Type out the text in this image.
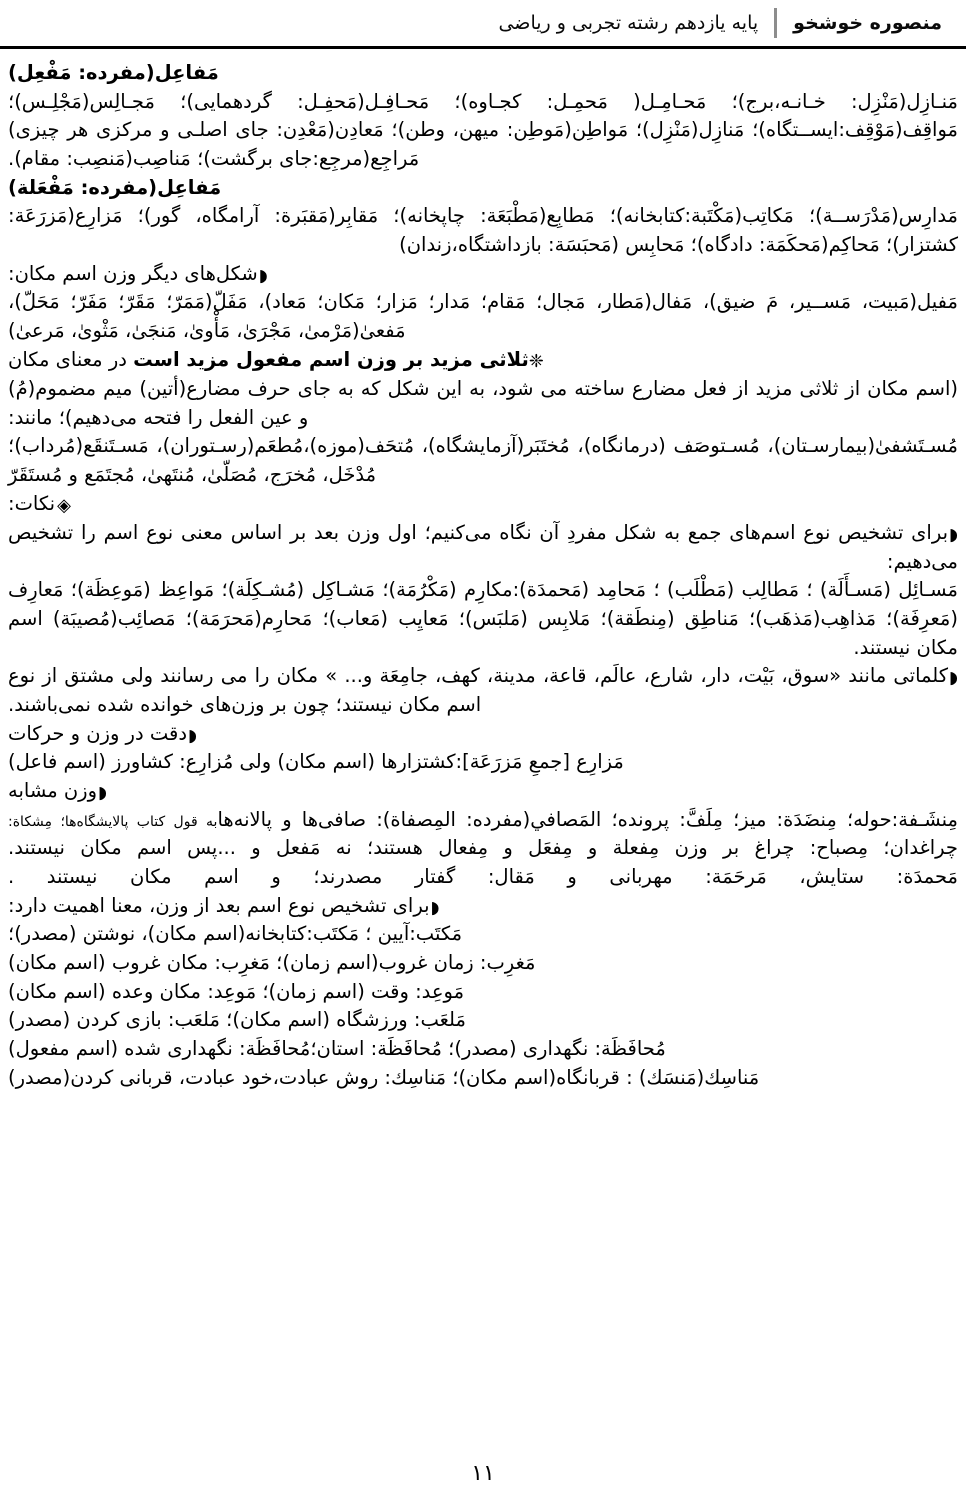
منصوره خوشخو
پایه یازدهم رشته تجربی و ریاضی
مَفاعِل(مفرده: مَفْعِل)
مَنـازِل(مَنْزِل: خـانـه،برج)؛ مَحـامِـل( مَحمِـل: کجـاوه)؛ مَحـافِـل(مَحفِـل: گردهمایی)؛ مَجـالِس(مَجْلِـس)؛
مَواقِف(مَوْقِف:ایســتگاه)؛ مَنازِل(مَنْزِل)؛ مَواطِن(مَوطِن: میهن، وطن)؛ مَعادِن(مَعْدِن: جای اصلـی و مرکزی هر چیزی)
مَراجِع(مرجِع:جای برگشت)؛ مَناصِب(مَنصِب: مقام).
مَفاعِل(مفرده: مَفْعَلة)
مَدارِس(مَدْرَســة)؛ مَکاتِب(مَکْتَبة:کتابخانه)؛ مَطابِع(مَطْبَعَة: چاپخانه)؛ مَقابِر(مَقبَرة: آرامگاه، گور)؛ مَزارِع(مَزرَعَة:
کشتزار)؛ مَحاکِم(مَحکَمَة: دادگاه)؛ مَحابِس (مَحبَسَة: بازداشتگاه،زندان)
◗شکل‌های دیگر وزن اسم مکان:
مَفیل(مَبیت، مَســیر، مَ ضیق)، مَفال(مَطار، مَجال؛ مَقام؛ مَدار؛ مَزار؛ مَکان؛ مَعاد)، مَفَلّ(مَمَرّ؛ مَقَرّ؛ مَفَرّ؛ مَحَلّ)،
مَفعیٰ(مَرْمیٰ، مَجْرَیٰ، مَأْویٰ، مَنجَیٰ، مَثْویٰ، مَرعیٰ)
❈ثلاثی مزید بر وزن اسم مفعول مزید است در معنای مکان
(اسم مکان از ثلاثی مزید از فعل مضارع ساخته می شود، به این شکل که به جای حرف مضارع(أتین) میم مضموم(مُ)
و عین الفعل را فتحه می‌دهیم)؛ مانند:
مُسـتَشفیٰ(بیمارسـتان)، مُسـتوصَف (درمانگاه)، مُختَبَر(آزمایشگاه)، مُتحَف(موزه)،مُطعَم(رسـتوران)، مَسـتَنقَع(مُرداب)؛
مُدْخَل، مُخرَج، مُصَلّیٰ، مُنتَهیٰ، مُجتَمَع و مُستَقَرّ
◈نکات:
◗برای تشخیص نوع اسم‌های جمع به شکل مفردِ آن نگاه می‌کنیم؛ اول وزن بعد بر اساس معنی نوع اسم را تشخیص
می‌دهیم:
مَسـائِل (مَسـأَلَة) ؛ مَطالِب (مَطْلَب) ؛ مَحامِد (مَحمدَة):مکارِم (مَکْرُمَة)؛ مَشـاکِل (مُشـکِلَة)؛ مَواعِظ (مَوعِظَة)؛ مَعارِف
(مَعرِفَة)؛ مَذاهِب(مَذهَب)؛ مَناطِق (مِنطَقة)؛ مَلابِس (مَلبَس)؛ مَعایِب (مَعاب)؛ مَحارِم(مَحرَمَة)؛ مَصائِب(مُصیبَة) اسم
مکان نیستند.
◗کلماتی مانند «سوق، بَیْت، دار، شارع، عالَم، قاعة، مدینة، کهف، جامِعَة و... » مکان را می رسانند ولی مشتق از نوع
اسم مکان نیستند؛ چون بر وزن‌های خوانده شده نمی‌باشند.
◗دقت در وزن و حرکات
مَزارِع [جمعِ مَزرَعَة]:کشتزارها (اسم مکان) ولی مُزارِع: کشاورز (اسم فاعل)
◗وزن مشابه
مِنشَـفة:حوله؛ مِنضَدَة: میز؛ مِلَفَّ: پرونده؛ المَصافي(مفرده: المِصفاة): صافی‌ها و پالانه‌هابه قول کتاب پالایشگاه‌ها؛ مِشکاة:
چراغدان؛ مِصباح: چراغ بر وزن مِفعلة و مِفعَل و مِفعال هستند؛ نه مَفعل و ...پس اسم مکان نیستند.
مَحمدَة: ستایش، مَرحَمَة: مهربانی و مَقال: گفتار مصدرند؛ و اسم مکان نیستند .
◗برای تشخیص نوع اسم بعد از وزن، معنا اهمیت دارد:
مَکتَب:آیین ؛ مَکتَب:کتابخانه(اسم مکان)، نوشتن (مصدر)؛
مَغرِب: زمان غروب(اسم زمان)؛ مَغرِب: مکان غروب (اسم مکان)
مَوعِد: وقت (اسم زمان)؛ مَوعِد: مکان وعده (اسم مکان)
مَلعَب: ورزشگاه (اسم مکان)؛ مَلعَب: بازی کردن (مصدر)
مُحافَظَة: نگهداری (مصدر)؛ مُحافَظَة: استان؛مُحافَظَة: نگهداری شده (اسم مفعول)
مَناسِك(مَنسَك) : قربانگاه(اسم مکان)؛ مَناسِك: روش عبادت،خود عبادت، قربانی کردن(مصدر)
١١
